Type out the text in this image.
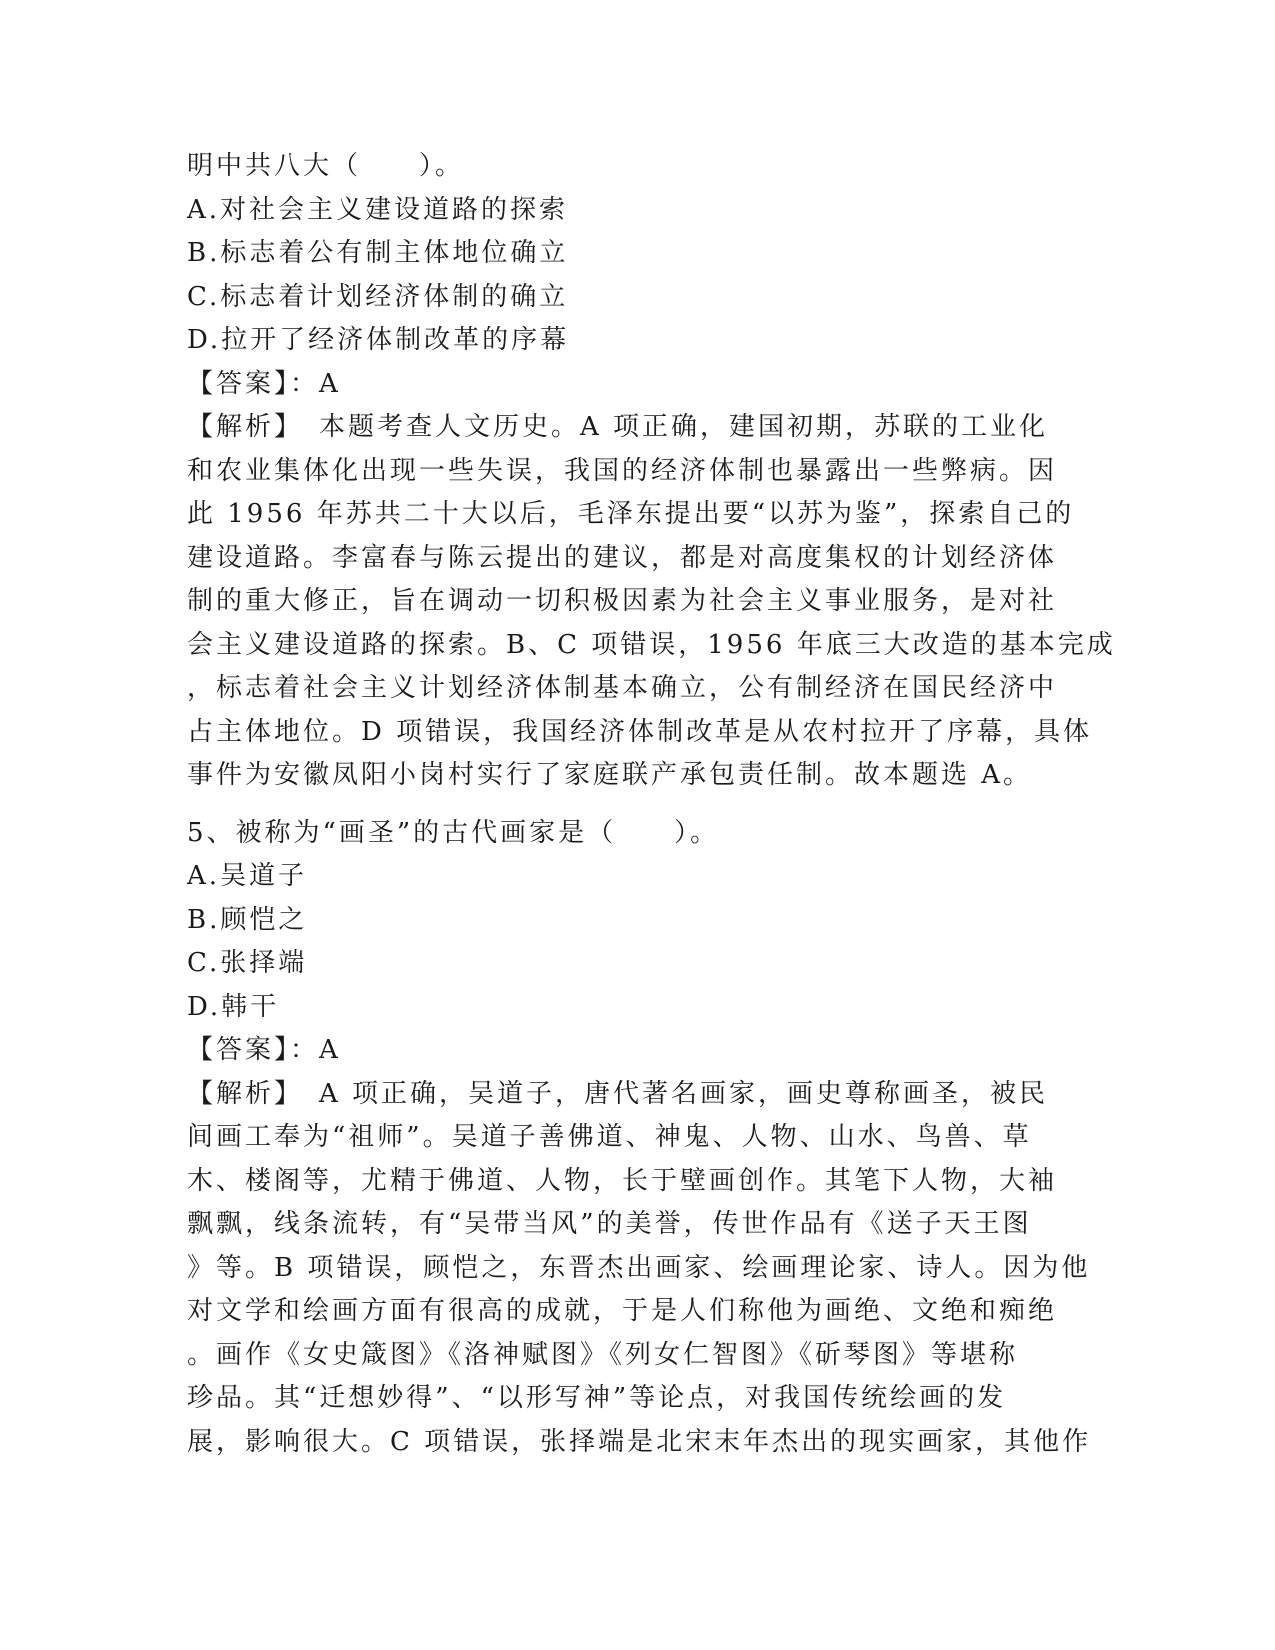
明中共八大（　　）。
A.对社会主义建设道路的探索
B.标志着公有制主体地位确立
C.标志着计划经济体制的确立
D.拉开了经济体制改革的序幕
【答案】：A
【解析】　本题考查人文历史。A 项正确，建国初期，苏联的工业化
和农业集体化出现一些失误，我国的经济体制也暴露出一些弊病。因
此 1956 年苏共二十大以后，毛泽东提出要“以苏为鉴”，探索自己的
建设道路。李富春与陈云提出的建议，都是对高度集权的计划经济体
制的重大修正，旨在调动一切积极因素为社会主义事业服务，是对社
会主义建设道路的探索。B、C 项错误，1956 年底三大改造的基本完成
，标志着社会主义计划经济体制基本确立，公有制经济在国民经济中
占主体地位。D 项错误，我国经济体制改革是从农村拉开了序幕，具体
事件为安徽凤阳小岗村实行了家庭联产承包责任制。故本题选 A。
5、被称为“画圣”的古代画家是（　　）。
A.吴道子
B.顾恺之
C.张择端
D.韩干
【答案】：A
【解析】　A 项正确，吴道子，唐代著名画家，画史尊称画圣，被民
间画工奉为“祖师”。吴道子善佛道、神鬼、人物、山水、鸟兽、草
木、楼阁等，尤精于佛道、人物，长于壁画创作。其笔下人物，大袖
飘飘，线条流转，有“吴带当风”的美誉，传世作品有《送子天王图
》等。B 项错误，顾恺之，东晋杰出画家、绘画理论家、诗人。因为他
对文学和绘画方面有很高的成就，于是人们称他为画绝、文绝和痴绝
。画作《女史箴图》《洛神赋图》《列女仁智图》《斫琴图》等堪称
珍品。其“迁想妙得”、“以形写神”等论点，对我国传统绘画的发
展，影响很大。C 项错误，张择端是北宋末年杰出的现实画家，其他作
